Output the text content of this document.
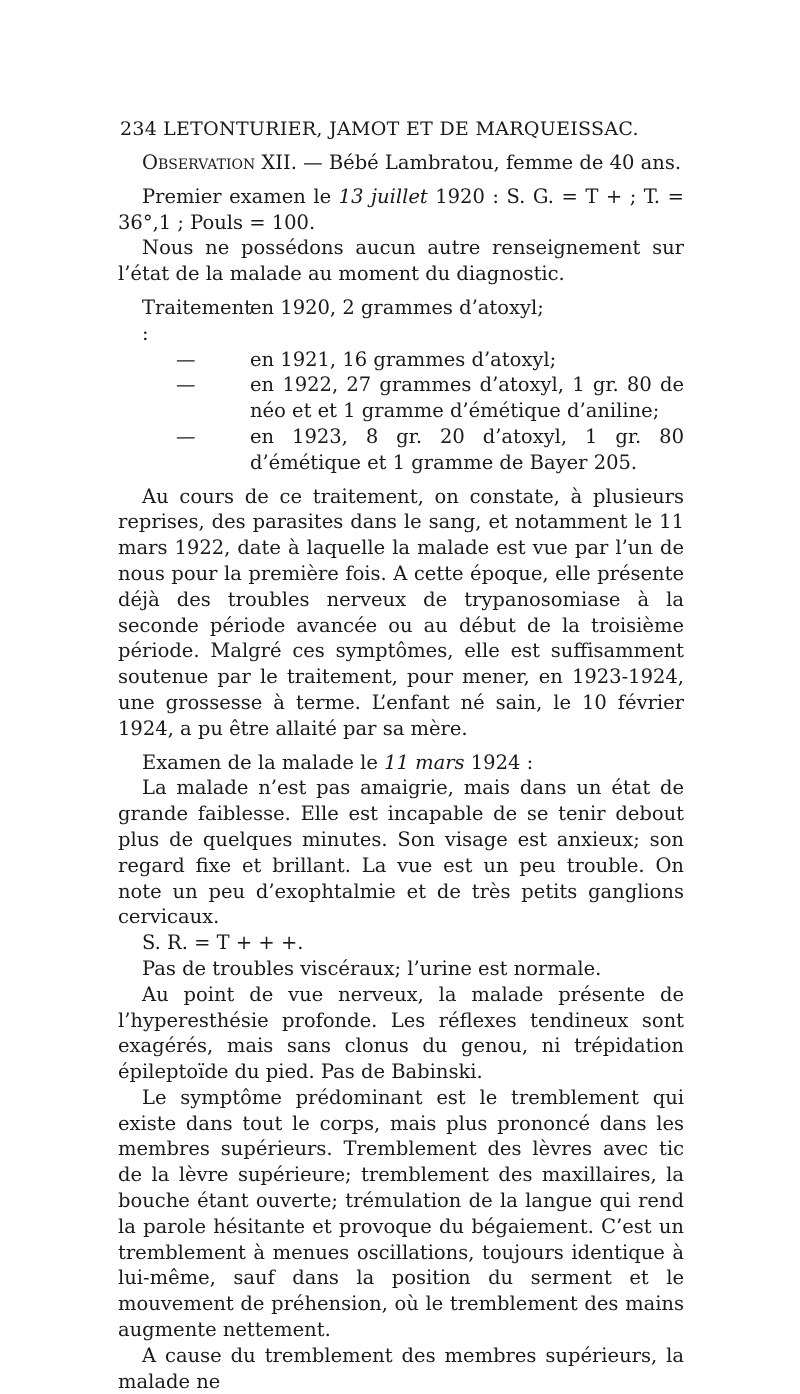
234 LETONTURIER, JAMOT ET DE MARQUEISSAC.

Observation XII. — Bébé Lambratou, femme de 40 ans.

Premier examen le 13 juillet 1920 : S. G. = T + ; T. = 36°,1 ; Pouls = 100.

Nous ne possédons aucun autre renseignement sur l’état de la malade au moment du diagnostic.

Traitement :
en 1920, 2 grammes d’atoxyl;
—	en 1921, 16 grammes d’atoxyl;
—	en 1922, 27 grammes d’atoxyl, 1 gr. 80 de néo et et 1 gramme d’émétique d’aniline;
—	en 1923, 8 gr. 20 d’atoxyl, 1 gr. 80 d’émétique et 1 gramme de Bayer 205.

Au cours de ce traitement, on constate, à plusieurs reprises, des parasites dans le sang, et notamment le 11 mars 1922, date à laquelle la malade est vue par l’un de nous pour la première fois. A cette époque, elle présente déjà des troubles nerveux de trypanosomiase à la seconde période avancée ou au début de la troisième période. Malgré ces symptômes, elle est suffisamment soutenue par le traitement, pour mener, en 1923-1924, une grossesse à terme. L’enfant né sain, le 10 février 1924, a pu être allaité par sa mère.

Examen de la malade le 11 mars 1924 :

La malade n’est pas amaigrie, mais dans un état de grande faiblesse. Elle est incapable de se tenir debout plus de quelques minutes. Son visage est anxieux; son regard fixe et brillant. La vue est un peu trouble. On note un peu d’exophtalmie et de très petits ganglions cervicaux.

S. R. = T + + +.

Pas de troubles viscéraux; l’urine est normale.

Au point de vue nerveux, la malade présente de l’hyperesthésie profonde. Les réflexes tendineux sont exagérés, mais sans clonus du genou, ni trépidation épileptoïde du pied. Pas de Babinski.

Le symptôme prédominant est le tremblement qui existe dans tout le corps, mais plus prononcé dans les membres supérieurs. Tremblement des lèvres avec tic de la lèvre supérieure; tremblement des maxillaires, la bouche étant ouverte; trémulation de la langue qui rend la parole hésitante et provoque du bégaiement. C’est un tremblement à menues oscillations, toujours identique à lui-même, sauf dans la position du serment et le mouvement de préhension, où le tremblement des mains augmente nettement.

A cause du tremblement des membres supérieurs, la malade ne
